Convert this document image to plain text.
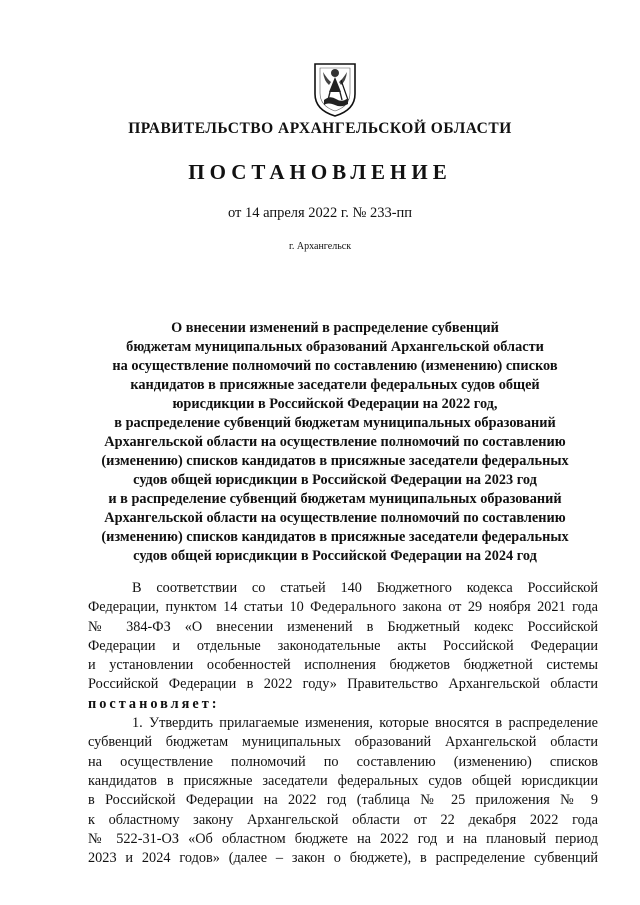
ПРАВИТЕЛЬСТВО АРХАНГЕЛЬСКОЙ ОБЛАСТИ
ПОСТАНОВЛЕНИЕ
от 14 апреля 2022 г. № 233-пп
г. Архангельск
О внесении изменений в распределение субвенций
бюджетам муниципальных образований Архангельской области
на осуществление полномочий по составлению (изменению) списков
кандидатов в присяжные заседатели федеральных судов общей
юрисдикции в Российской Федерации на 2022 год,
в распределение субвенций бюджетам муниципальных образований
Архангельской области на осуществление полномочий по составлению
(изменению) списков кандидатов в присяжные заседатели федеральных
судов общей юрисдикции в Российской Федерации на 2023 год
и в распределение субвенций бюджетам муниципальных образований
Архангельской области на осуществление полномочий по составлению
(изменению) списков кандидатов в присяжные заседатели федеральных
судов общей юрисдикции в Российской Федерации на 2024 год
В соответствии со статьей 140 Бюджетного кодекса Российской
Федерации, пунктом 14 статьи 10 Федерального закона от 29 ноября 2021 года
№ 384-ФЗ «О внесении изменений в Бюджетный кодекс Российской
Федерации и отдельные законодательные акты Российской Федерации
и установлении особенностей исполнения бюджетов бюджетной системы
Российской Федерации в 2022 году» Правительство Архангельской области
постановляет:
1. Утвердить прилагаемые изменения, которые вносятся в распределение
субвенций бюджетам муниципальных образований Архангельской области
на осуществление полномочий по составлению (изменению) списков
кандидатов в присяжные заседатели федеральных судов общей юрисдикции
в Российской Федерации на 2022 год (таблица № 25 приложения № 9
к областному закону Архангельской области от 22 декабря 2022 года
№ 522-31-ОЗ «Об областном бюджете на 2022 год и на плановый период
2023 и 2024 годов» (далее – закон о бюджете), в распределение субвенций
